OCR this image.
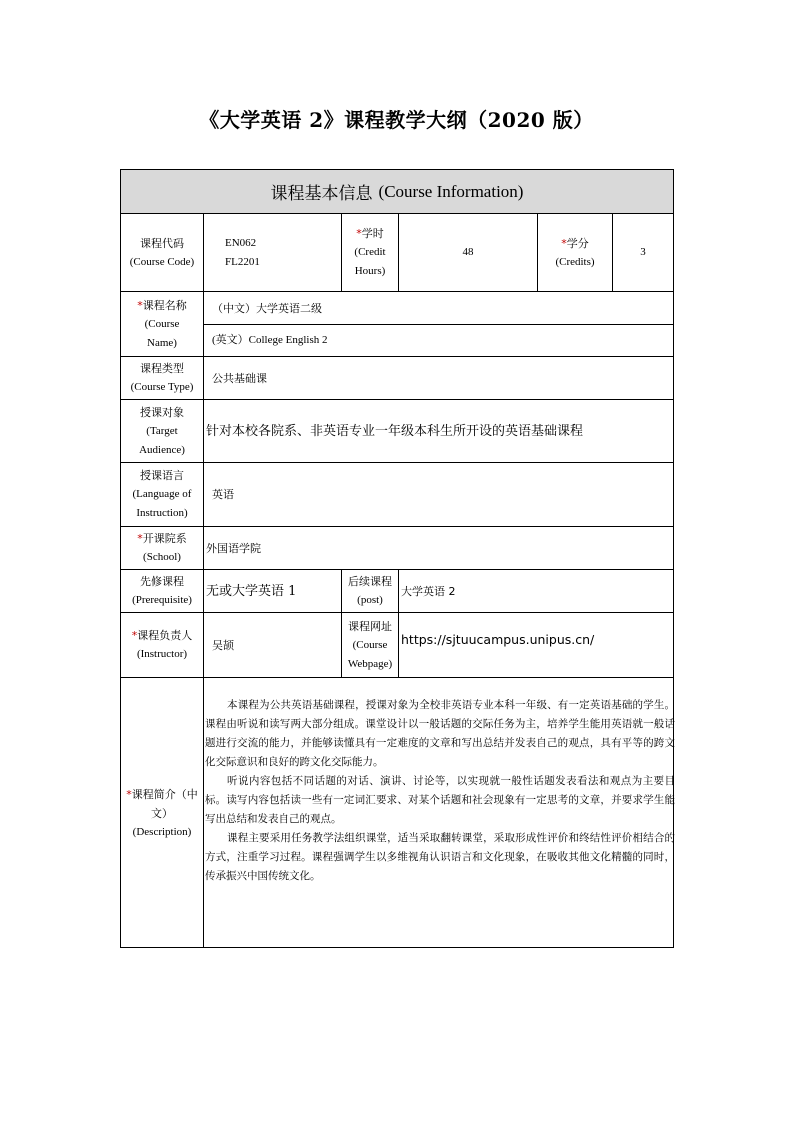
《大学英语 2》课程教学大纲（2020 版）
课程基本信息 (Course Information)
课程代码
(Course Code)
EN062
FL2201
*学时
(Credit
Hours)
48
*学分
(Credits)
3
*课程名称
(Course
Name)
（中文）大学英语二级
(英文）College English 2
课程类型
(Course Type)
公共基础课
授课对象
(Target
Audience)
针对本校各院系、非英语专业一年级本科生所开设的英语基础课程
授课语言
(Language of
Instruction)
英语
*开课院系
(School)
外国语学院
先修课程
(Prerequisite)
无或大学英语 1
后续课程
(post)
大学英语 2
*课程负责人
(Instructor)
吴颉
课程网址
(Course
Webpage)
https://sjtuucampus.unipus.cn/
*课程简介（中
文）
(Description)

本课程为公共英语基础课程，授课对象为全校非英语专业本科一年级、有一定英语基础的学生。课程由听说和读写两大部分组成。课堂设计以一般话题的交际任务为主，培养学生能用英语就一般话题进行交流的能力，并能够读懂具有一定难度的文章和写出总结并发表自己的观点，具有平等的跨文化交际意识和良好的跨文化交际能力。

听说内容包括不同话题的对话、演讲、讨论等，以实现就一般性话题发表看法和观点为主要目标。读写内容包括读一些有一定词汇要求、对某个话题和社会现象有一定思考的文章，并要求学生能写出总结和发表自己的观点。

课程主要采用任务教学法组织课堂，适当采取翻转课堂，采取形成性评价和终结性评价相结合的方式，注重学习过程。课程强调学生以多维视角认识语言和文化现象，在吸收其他文化精髓的同时，传承振兴中国传统文化。
